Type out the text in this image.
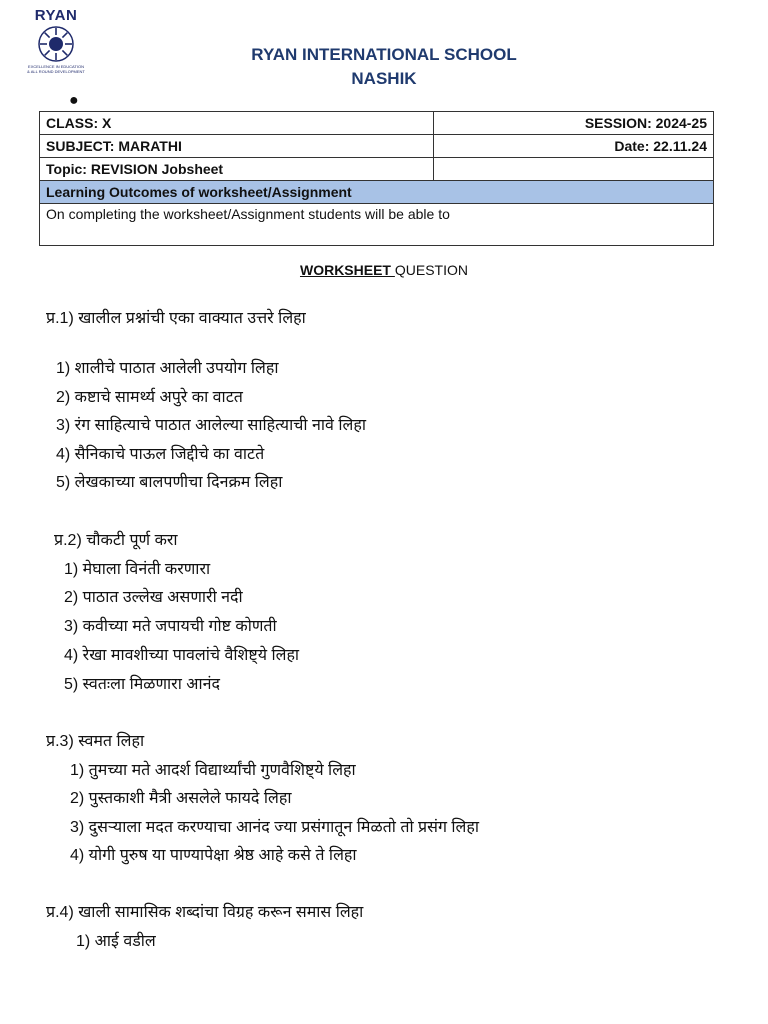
RYAN
EXCELLENCE IN EDUCATION
& ALL ROUND DEVELOPMENT
RYAN INTERNATIONAL SCHOOL
NASHIK
●
CLASS: X	SESSION: 2024-25
SUBJECT: MARATHI	Date: 22.11.24
Topic: REVISION Jobsheet	
Learning Outcomes of worksheet/Assignment	
On completing the worksheet/Assignment students will be able to	
WORKSHEET QUESTION
प्र.1) खालील प्रश्नांची एका वाक्यात उत्तरे लिहा
1) शालीचे पाठात आलेली उपयोग लिहा
2) कष्टाचे सामर्थ्य अपुरे का वाटत
3) रंग साहित्याचे पाठात आलेल्या साहित्याची नावे लिहा
4) सैनिकाचे पाऊल जिद्दीचे का वाटते
5) लेखकाच्या बालपणीचा दिनक्रम लिहा
प्र.2) चौकटी पूर्ण करा
1) मेघाला विनंती करणारा
2) पाठात उल्लेख असणारी नदी
3) कवीच्या मते जपायची गोष्ट कोणती
4) रेखा मावशीच्या पावलांचे वैशिष्ट्ये लिहा
5) स्वतःला मिळणारा आनंद
प्र.3) स्वमत लिहा
1) तुमच्या मते आदर्श विद्यार्थ्यांची गुणवैशिष्ट्ये लिहा
2) पुस्तकाशी मैत्री असलेले फायदे लिहा
3) दुसऱ्याला मदत करण्याचा आनंद ज्या प्रसंगातून मिळतो तो प्रसंग लिहा
4) योगी पुरुष या पाण्यापेक्षा श्रेष्ठ आहे कसे ते लिहा
प्र.4) खाली सामासिक शब्दांचा विग्रह करून समास लिहा
1) आई वडील
